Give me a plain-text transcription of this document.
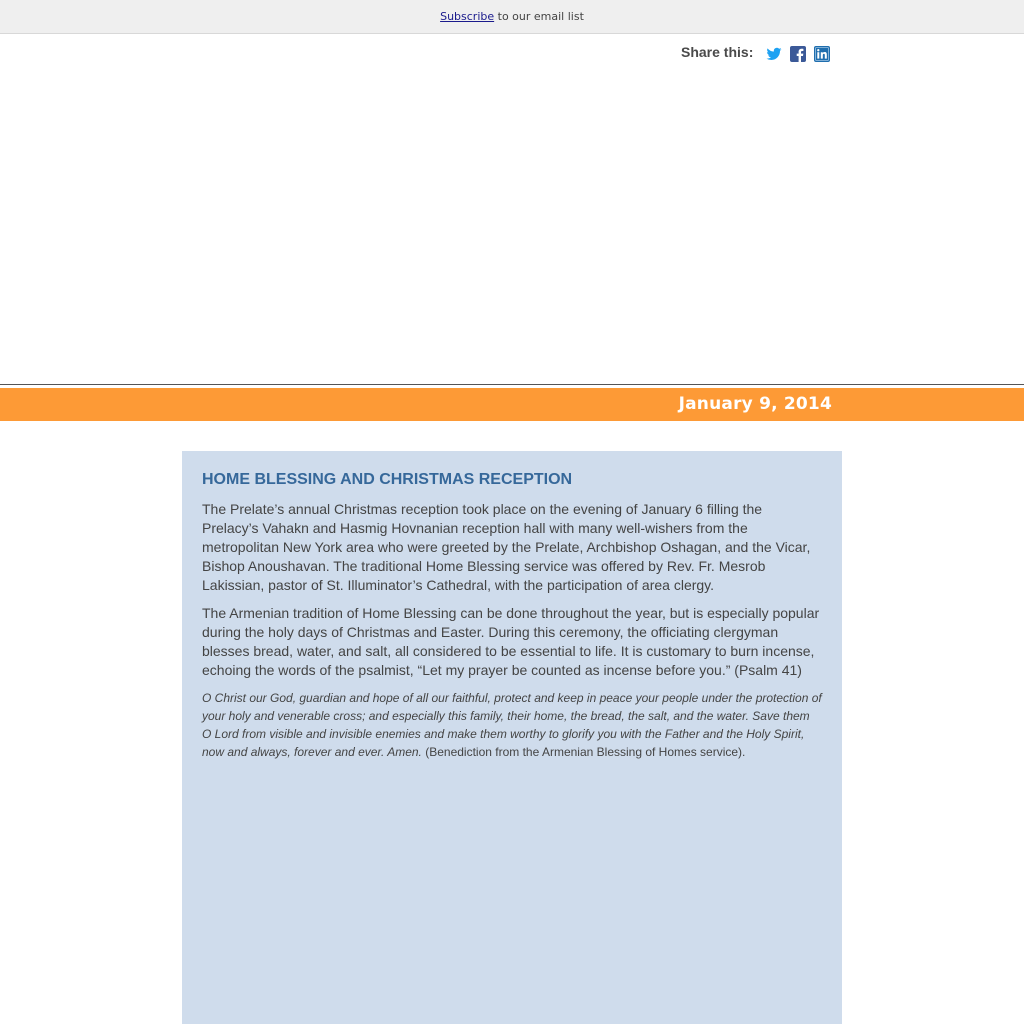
Subscribe to our email list
Share this:
January 9, 2014
HOME BLESSING AND CHRISTMAS RECEPTION

The Prelate’s annual Christmas reception took place on the evening of January 6 filling the Prelacy’s Vahakn and Hasmig Hovnanian reception hall with many well-wishers from the metropolitan New York area who were greeted by the Prelate, Archbishop Oshagan, and the Vicar, Bishop Anoushavan. The traditional Home Blessing service was offered by Rev. Fr. Mesrob Lakissian, pastor of St. Illuminator’s Cathedral, with the participation of area clergy.

The Armenian tradition of Home Blessing can be done throughout the year, but is especially popular during the holy days of Christmas and Easter. During this ceremony, the officiating clergyman blesses bread, water, and salt, all considered to be essential to life. It is customary to burn incense, echoing the words of the psalmist, “Let my prayer be counted as incense before you.” (Psalm 41)

O Christ our God, guardian and hope of all our faithful, protect and keep in peace your people under the protection of your holy and venerable cross; and especially this family, their home, the bread, the salt, and the water. Save them O Lord from visible and invisible enemies and make them worthy to glorify you with the Father and the Holy Spirit, now and always, forever and ever. Amen. (Benediction from the Armenian Blessing of Homes service).
